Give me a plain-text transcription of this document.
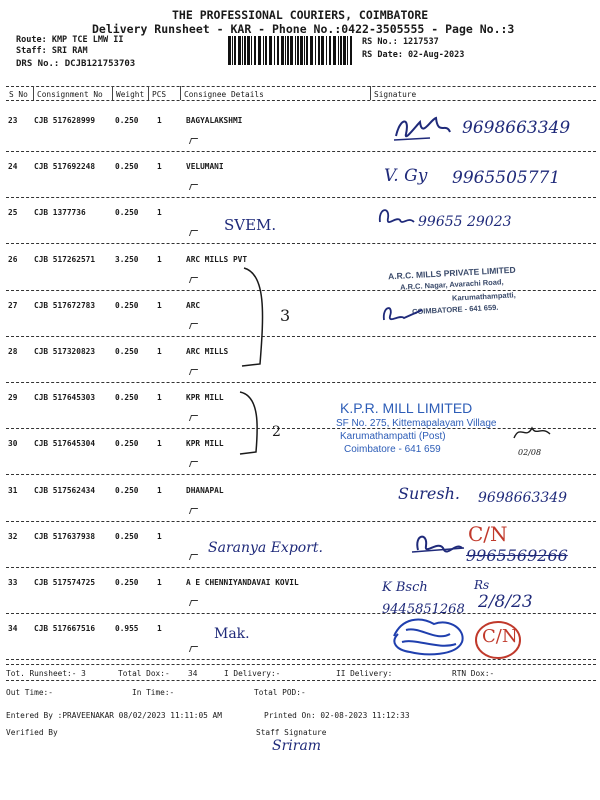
THE PROFESSIONAL COURIERS, COIMBATORE
Delivery Runsheet - KAR - Phone No.:0422-3505555 - Page No.:3
Route: KMP TCE LMW II
Staff: SRI RAM
DRS No.: DCJB121753703
RS No.: 1217537
RS Date: 02-Aug-2023
S No Consignment No Weight PCS Consignee Details	Signature
23 CJB 517628999	0.250 1	BAGYALAKSHMI
24 CJB 517692248	0.250 1	VELUMANI
25 CJB 1377736	0.250 1
26 CJB 517262571	3.250 1	ARC MILLS PVT
27 CJB 517672783	0.250 1	ARC
28 CJB 517320823	0.250 1	ARC MILLS
29 CJB 517645303	0.250 1	KPR MILL
30 CJB 517645304	0.250 1	KPR MILL
31 CJB 517562434	0.250 1	DHANAPAL
32 CJB 517637938	0.250 1
33 CJB 517574725	0.250 1	A E CHENNIYANDAVAI KOVIL
34 CJB 517667516	0.955 1
9698663349
V. Gy 9965505771
SVEM.	99655 29023
3
A.R.C. MILLS PRIVATE LIMITED
A.R.C. Nagar, Avarachi Road,
Karumathampatti,
COIMBATORE - 641 659.
2
K.P.R. MILL LIMITED
SF No. 275, Kittemapalayam Village
Karumathampatti (Post)
Coimbatore - 641 659	02/08
Suresh. 9698663349
Saranya Export.
C/N
9965569266
K Bsch	Rs
9445851268 2/8/23
Mak.	C/N
Tot. Runsheet:- 3	Total Dox:- 34	I Delivery:-	II Delivery:	RTN Dox:-
Out Time:-	In Time:-	Total POD:-
Entered By :PRAVEENAKAR 08/02/2023 11:11:05 AM	Printed On: 02-08-2023 11:12:33
Verified By	Staff Signature
Sriram
